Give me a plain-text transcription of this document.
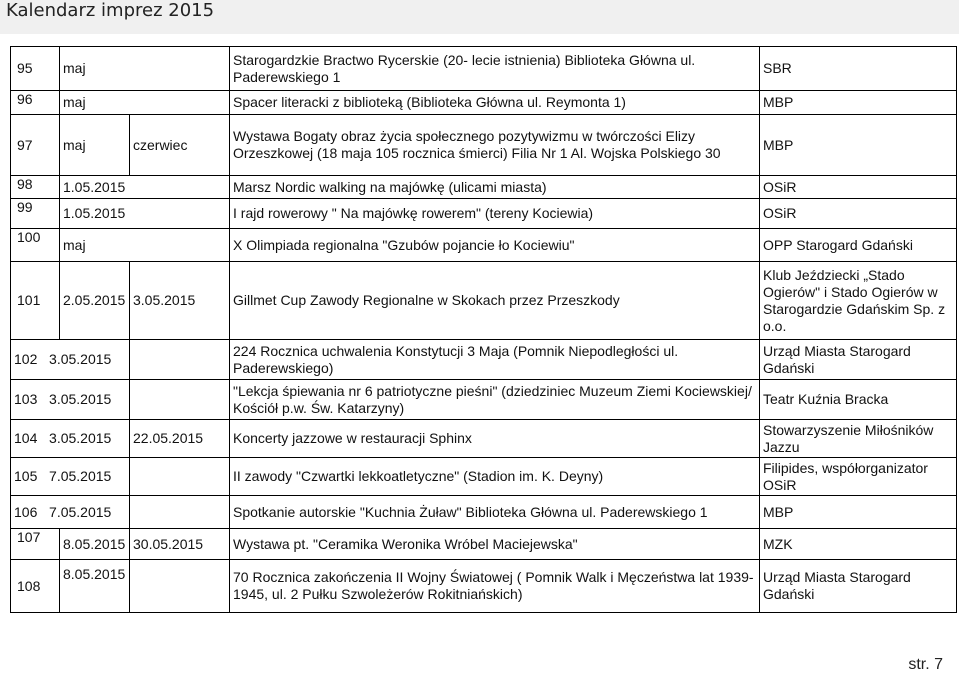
Kalendarz imprez 2015
95	maj		Starogardzkie Bractwo Rycerskie (20- lecie istnienia) Biblioteka Główna ul. Paderewskiego 1	SBR
96	maj		Spacer literacki z biblioteką (Biblioteka Główna ul. Reymonta 1)	MBP
97	maj	czerwiec	Wystawa Bogaty obraz życia społecznego pozytywizmu w twórczości Elizy Orzeszkowej (18 maja 105 rocznica śmierci) Filia Nr 1 Al. Wojska Polskiego 30	MBP
98	1.05.2015		Marsz Nordic walking na majówkę (ulicami miasta)	OSiR
99	1.05.2015		I rajd rowerowy " Na majówkę rowerem" (tereny Kociewia)	OSiR
100	maj		X Olimpiada regionalna "Gzubów pojancie ło Kociewiu"	OPP Starogard Gdański
101	2.05.2015	3.05.2015	Gillmet Cup Zawody Regionalne w Skokach przez Przeszkody	Klub Jeździecki „Stado Ogierów" i Stado Ogierów w Starogardzie Gdańskim Sp. z o.o.
102 3.05.2015			224 Rocznica uchwalenia Konstytucji 3 Maja (Pomnik Niepodległości ul. Paderewskiego)	Urząd Miasta Starogard Gdański
103 3.05.2015			"Lekcja śpiewania nr 6 patriotyczne pieśni" (dziedziniec Muzeum Ziemi Kociewskiej/ Kościół p.w. Św. Katarzyny)	Teatr Kuźnia Bracka
104 3.05.2015		22.05.2015	Koncerty jazzowe w restauracji Sphinx	Stowarzyszenie Miłośników Jazzu
105 7.05.2015			II zawody "Czwartki lekkoatletyczne" (Stadion im. K. Deyny)	Filipides, współorganizator OSiR
106 7.05.2015			Spotkanie autorskie "Kuchnia Żuław" Biblioteka Główna ul. Paderewskiego 1	MBP
107	8.05.2015	30.05.2015	Wystawa pt. "Ceramika Weronika Wróbel Maciejewska"	MZK
108	8.05.2015		70 Rocznica zakończenia II Wojny Światowej ( Pomnik Walk i Męczeństwa lat 1939-1945, ul. 2 Pułku Szwoleżerów Rokitniańskich)	Urząd Miasta Starogard Gdański
str. 7
